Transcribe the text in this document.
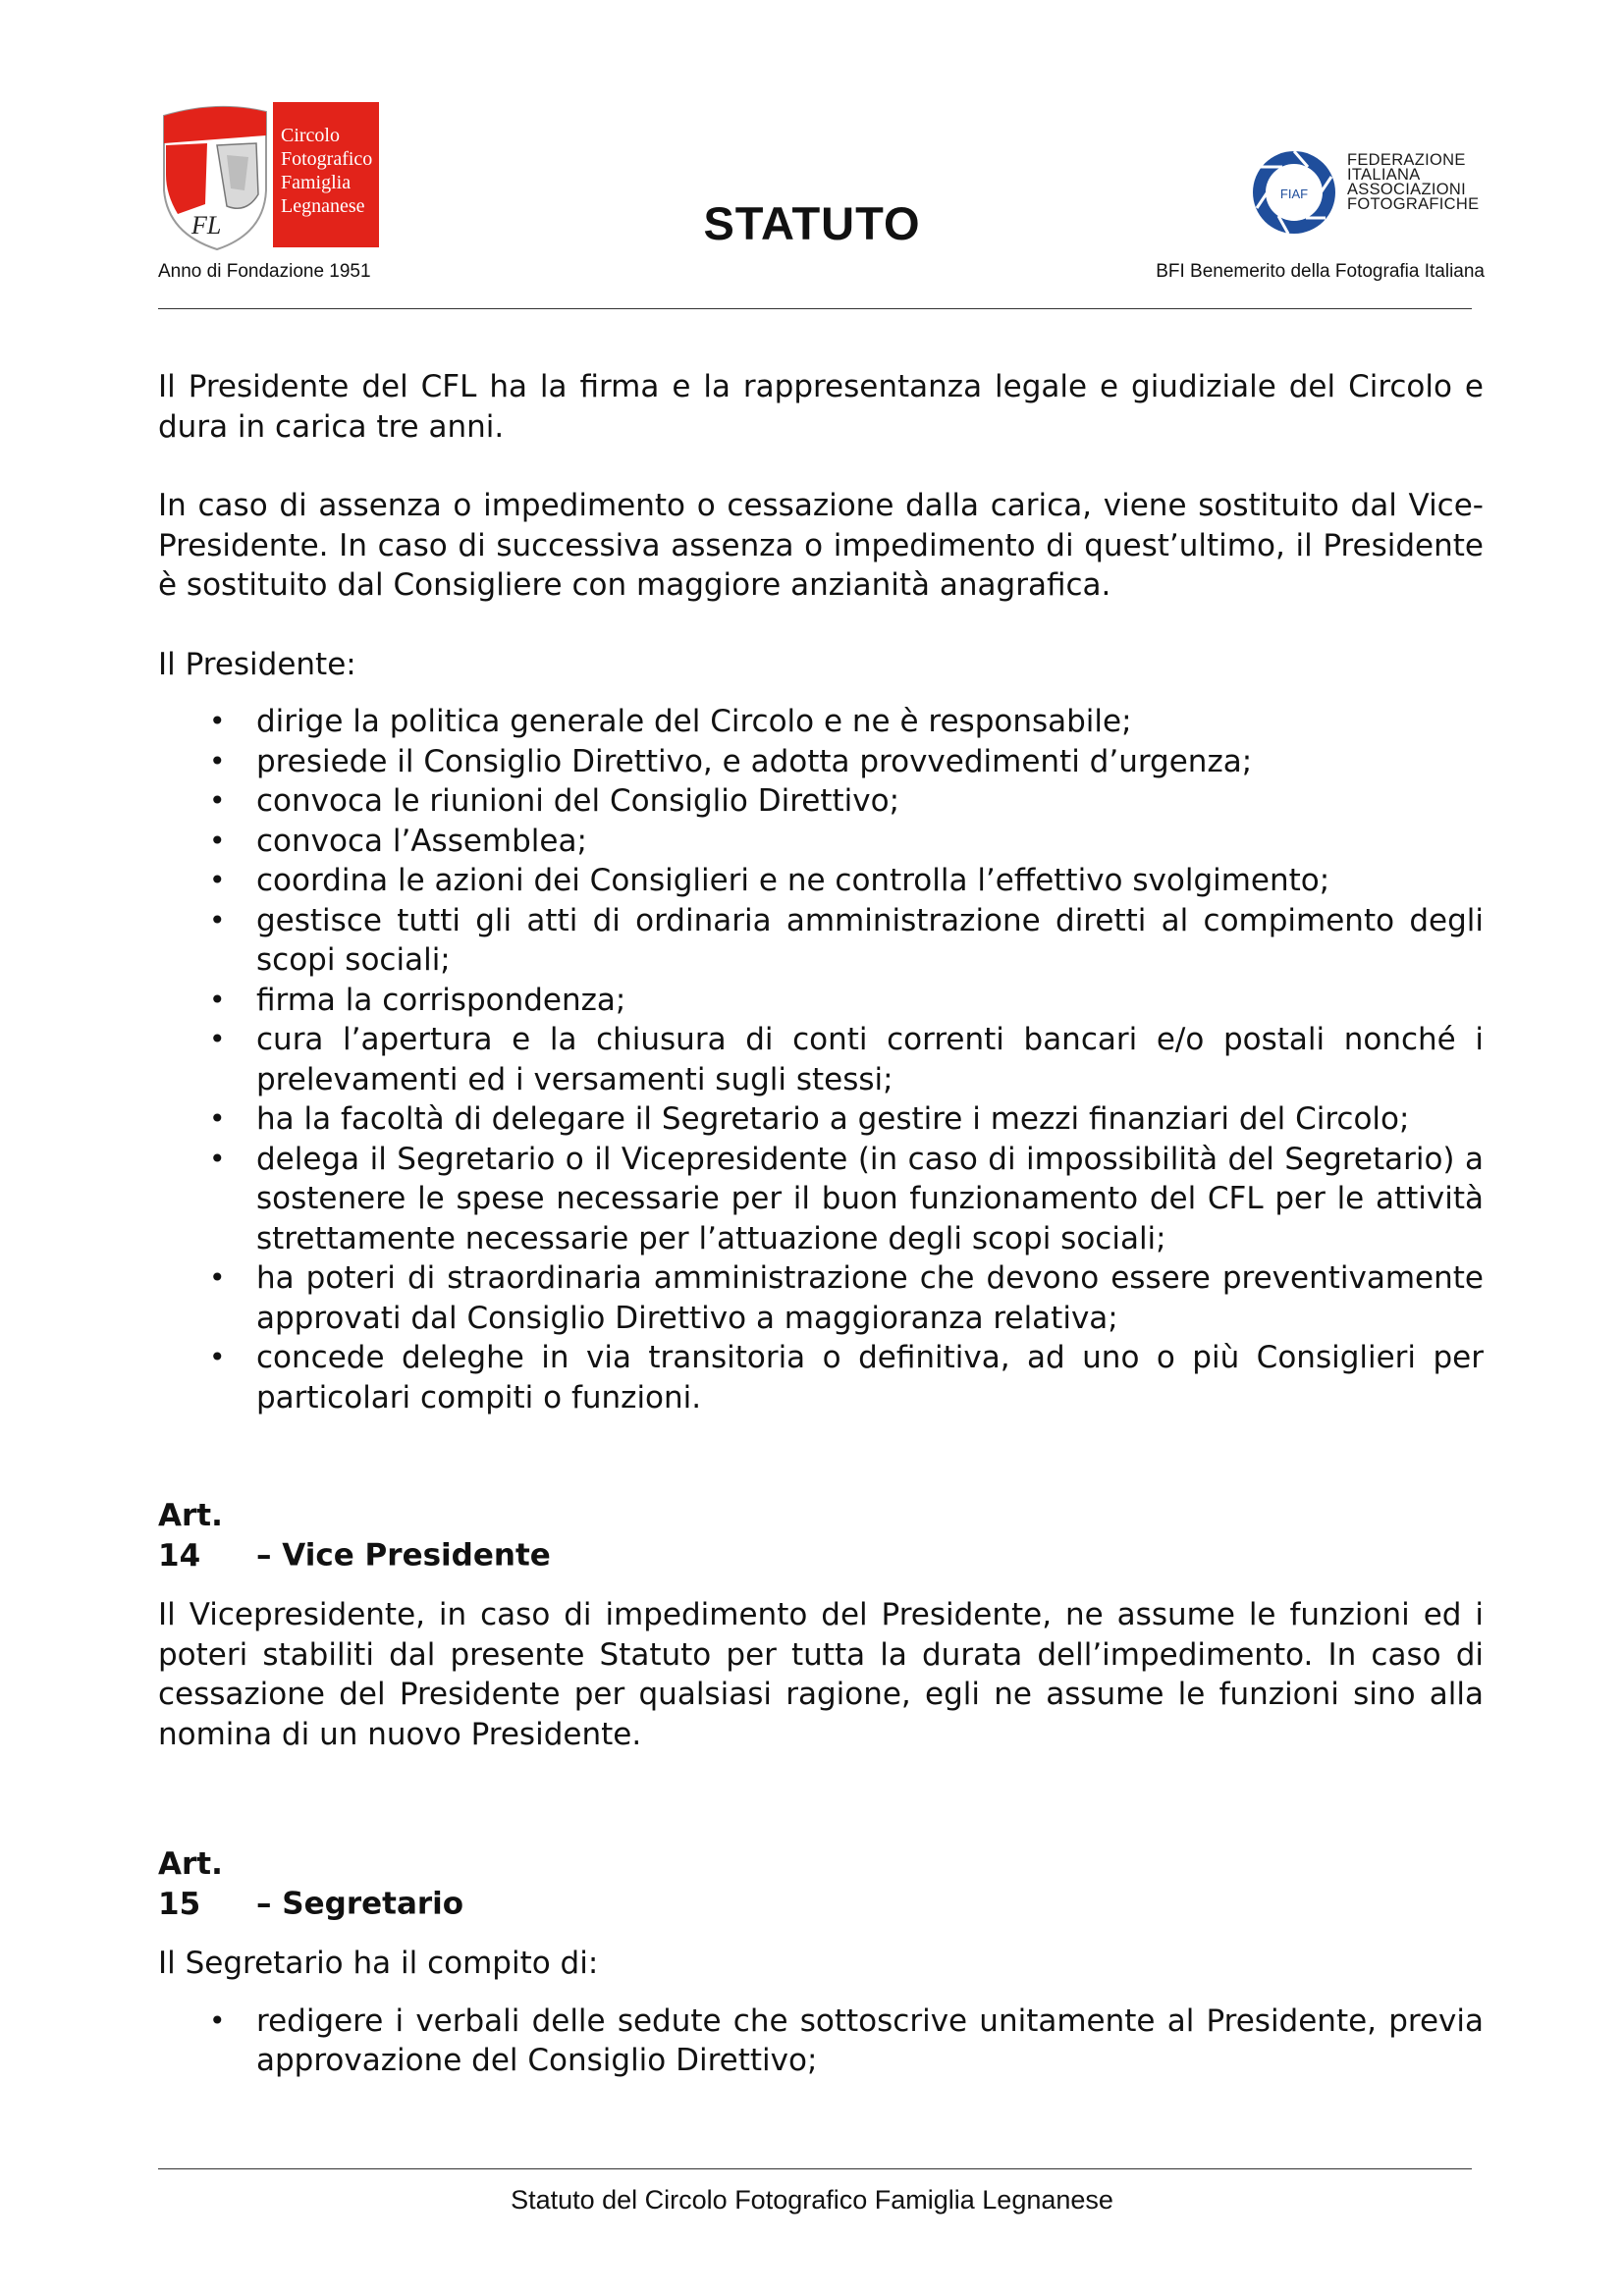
FL
Circolo
Fotografico
Famiglia
Legnanese	STATUTO
FIAF
FEDERAZIONE
ITALIANA
ASSOCIAZIONI
FOTOGRAFICHE
Anno di Fondazione 1951	BFI Benemerito della Fotografia Italiana

Il Presidente del CFL ha la firma e la rappresentanza legale e giudiziale del Circolo e dura in carica tre anni.

In caso di assenza o impedimento o cessazione dalla carica, viene sostituito dal Vice-Presidente. In caso di successiva assenza o impedimento di quest’ultimo, il Presidente è sostituito dal Consigliere con maggiore anzianità anagrafica.

Il Presidente:

• dirige la politica generale del Circolo e ne è responsabile;
• presiede il Consiglio Direttivo, e adotta provvedimenti d’urgenza;
• convoca le riunioni del Consiglio Direttivo;
• convoca l’Assemblea;
• coordina le azioni dei Consiglieri e ne controlla l’effettivo svolgimento;
• gestisce tutti gli atti di ordinaria amministrazione diretti al compimento degli scopi sociali;
• firma la corrispondenza;
• cura l’apertura e la chiusura di conti correnti bancari e/o postali nonché i prelevamenti ed i versamenti sugli stessi;
• ha la facoltà di delegare il Segretario a gestire i mezzi finanziari del Circolo;
• delega il Segretario o il Vicepresidente (in caso di impossibilità del Segretario) a sostenere le spese necessarie per il buon funzionamento del CFL per le attività strettamente necessarie per l’attuazione degli scopi sociali;
• ha poteri di straordinaria amministrazione che devono essere preventivamente approvati dal Consiglio Direttivo a maggioranza relativa;
• concede deleghe in via transitoria o definitiva, ad uno o più Consiglieri per particolari compiti o funzioni.
Art. 14 – Vice Presidente

Il Vicepresidente, in caso di impedimento del Presidente, ne assume le funzioni ed i poteri stabiliti dal presente Statuto per tutta la durata dell’impedimento. In caso di cessazione del Presidente per qualsiasi ragione, egli ne assume le funzioni sino alla nomina di un nuovo Presidente.

Art. 15 – Segretario

Il Segretario ha il compito di:

• redigere i verbali delle sedute che sottoscrive unitamente al Presidente, previa approvazione del Consiglio Direttivo;
Statuto del Circolo Fotografico Famiglia Legnanese
